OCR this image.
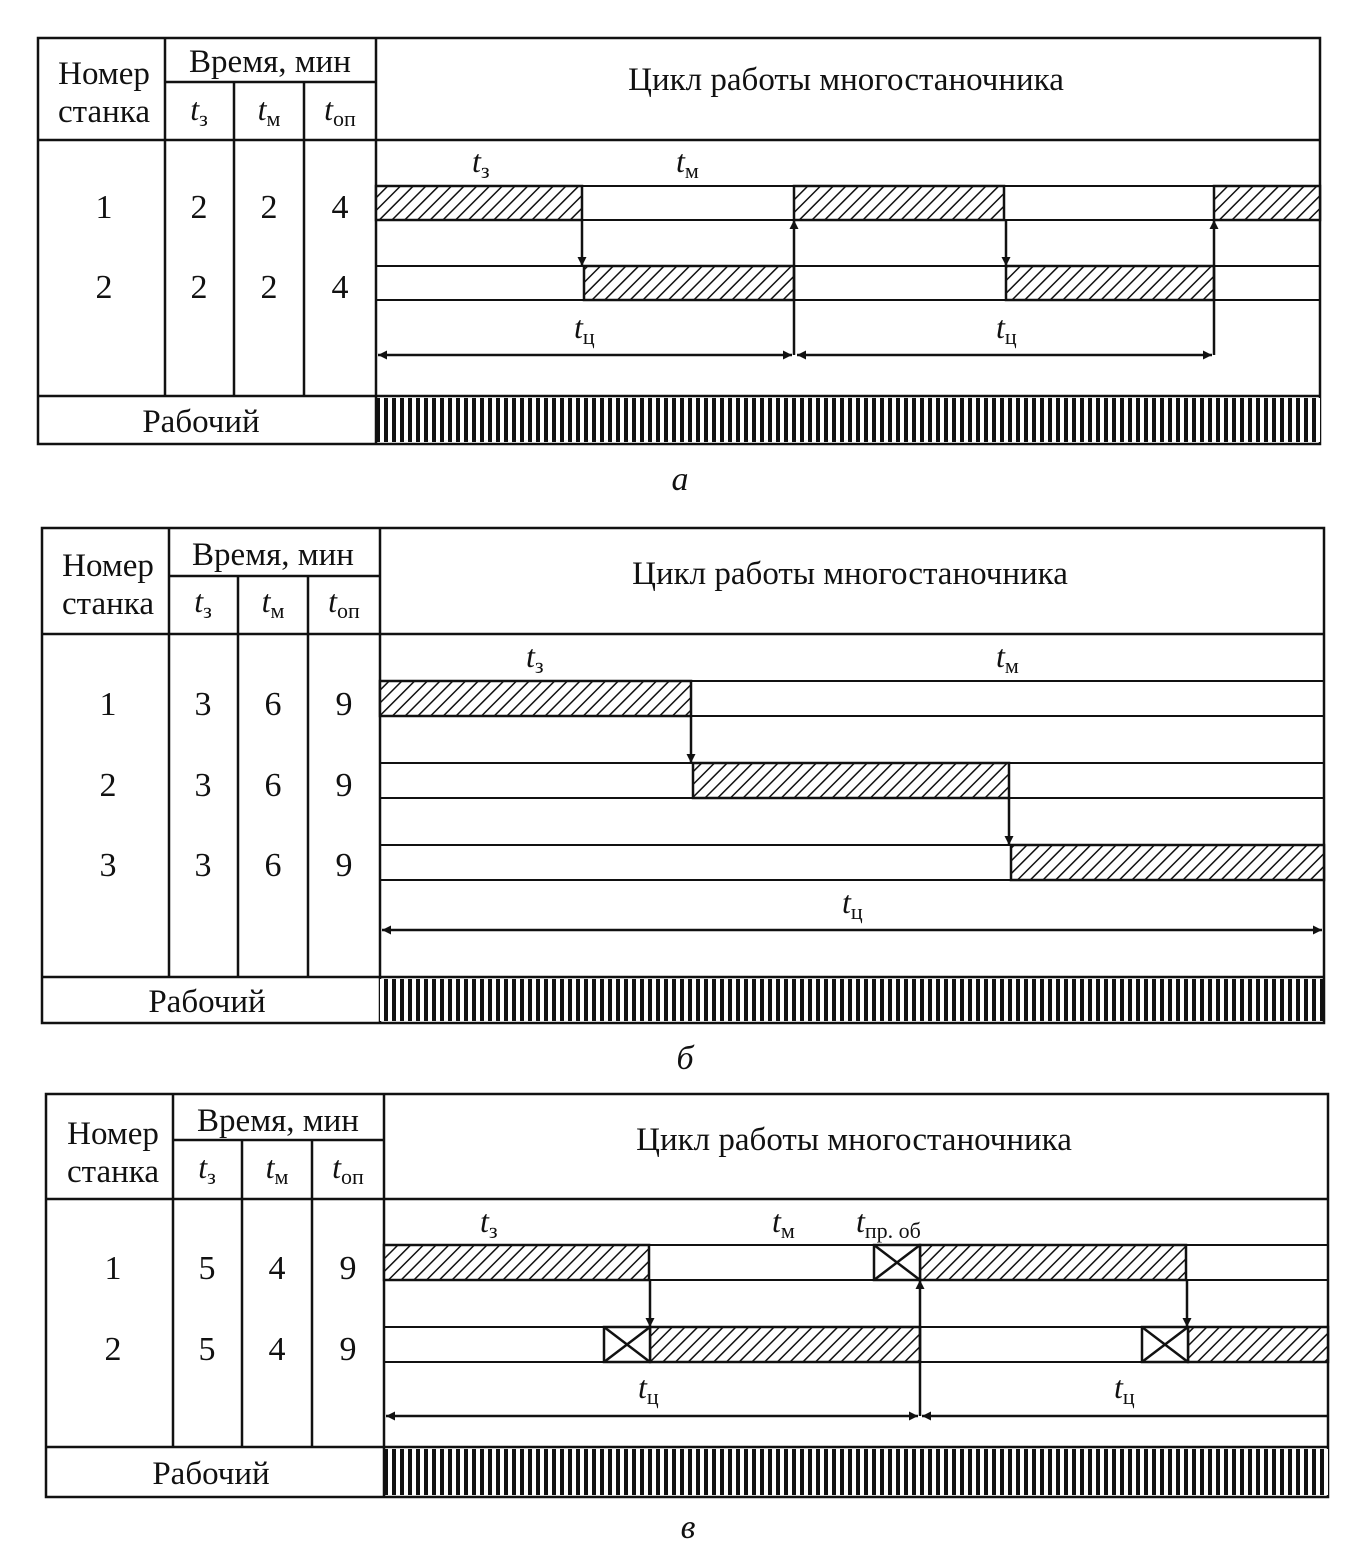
Номер
станка
Время, мин
tз tм tоп
Цикл работы многостаночника
1 2 2 4
2 2 2 4
tз	tм
tц	tц
Рабочий
а
Номер
станка
Время, мин
tз tм tоп
Цикл работы многостаночника
1 3 6 9
2 3 6 9
3 3 6 9
tз	tм
tц
Рабочий
б
Номер
станка
Время, мин
tз tм tоп
Цикл работы многостаночника
1 5 4 9
2 5 4 9
tз	tм tпр. об
tц	tц
Рабочий
в
